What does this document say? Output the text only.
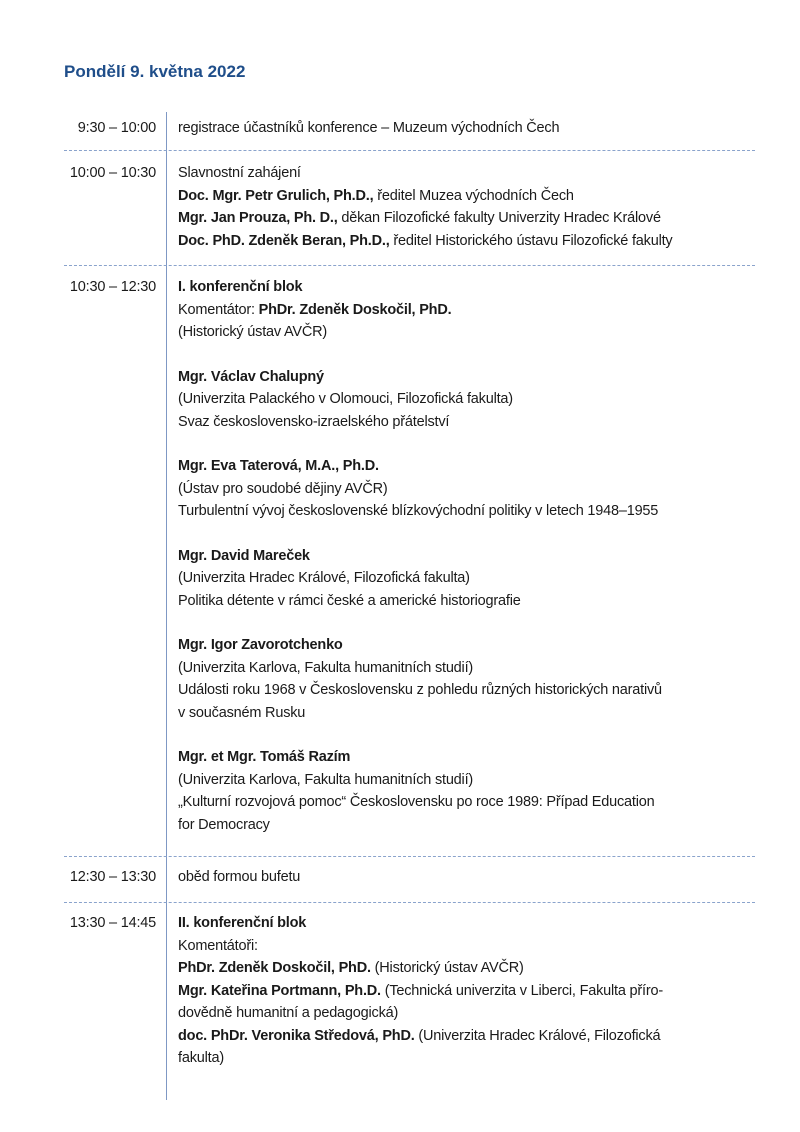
Pondělí 9. května 2022
9:30 – 10:00 registrace účastníků konference – Muzeum východních Čech
10:00 – 10:30 Slavnostní zahájení
Doc. Mgr. Petr Grulich, Ph.D., ředitel Muzea východních Čech
Mgr. Jan Prouza, Ph. D., děkan Filozofické fakulty Univerzity Hradec Králové
Doc. PhD. Zdeněk Beran, Ph.D., ředitel Historického ústavu Filozofické fakulty
10:30 – 12:30 I. konferenční blok
Komentátor: PhDr. Zdeněk Doskočil, PhD.
(Historický ústav AVČR)
Mgr. Václav Chalupný
(Univerzita Palackého v Olomouci, Filozofická fakulta)
Svaz československo-izraelského přátelství
Mgr. Eva Taterová, M.A., Ph.D.
(Ústav pro soudobé dějiny AVČR)
Turbulentní vývoj československé blízkovýchodní politiky v letech 1948–1955
Mgr. David Mareček
(Univerzita Hradec Králové, Filozofická fakulta)
Politika détente v rámci české a americké historiografie
Mgr. Igor Zavorotchenko
(Univerzita Karlova, Fakulta humanitních studií)
Události roku 1968 v Československu z pohledu různých historických narativů
v současném Rusku
Mgr. et Mgr. Tomáš Razím
(Univerzita Karlova, Fakulta humanitních studií)
„Kulturní rozvojová pomoc“ Československu po roce 1989: Případ Education
for Democracy
12:30 – 13:30 oběd formou bufetu
13:30 – 14:45 II. konferenční blok
Komentátoři:
PhDr. Zdeněk Doskočil, PhD. (Historický ústav AVČR)
Mgr. Kateřina Portmann, Ph.D. (Technická univerzita v Liberci, Fakulta příro-
dovědně humanitní a pedagogická)
doc. PhDr. Veronika Středová, PhD. (Univerzita Hradec Králové, Filozofická
fakulta)
